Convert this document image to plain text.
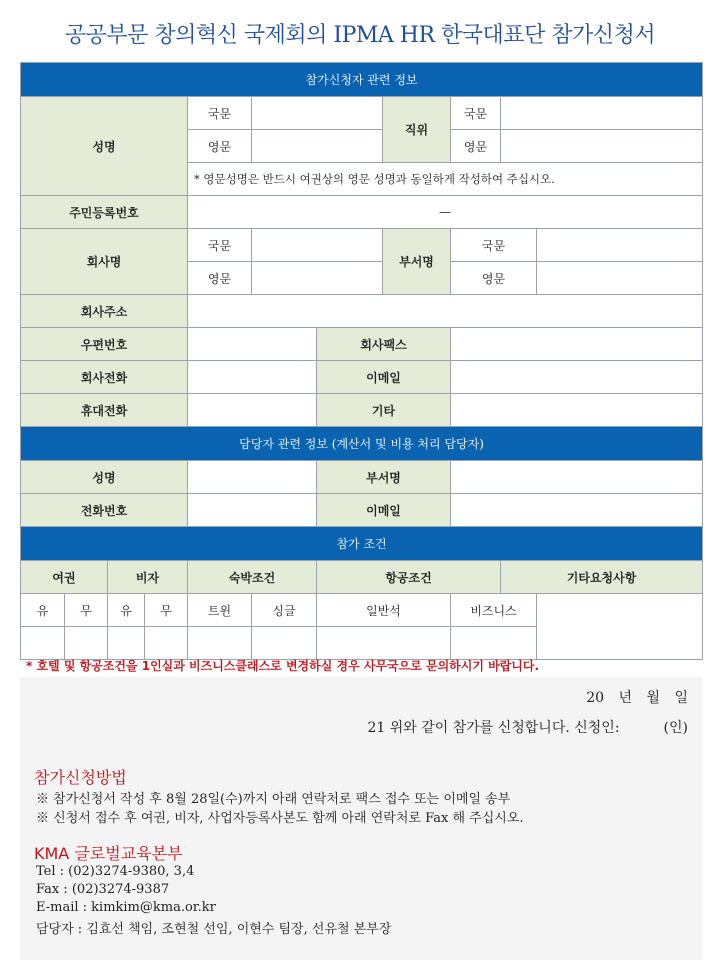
공공부문 창의혁신 국제회의 IPMA HR 한국대표단 참가신청서
참가신청자 관련 정보										
성명				국문			직위	국문		
				영문				영문		
				* 영문성명은 반드시 여권상의 영문 성명과 동일하게 작성하여 주십시오.						
주민등록번호				—						
회사명				국문			부서명	국문		
				영문				영문		
회사주소										
우편번호						회사팩스				
회사전화						이메일				
휴대전화						기타				
담당자 관련 정보 (계산서 및 비용 처리 담당자)										
성명						부서명				
전화번호						이메일				
참가 조건										
여권		비자		숙박조건		항공조건			기타요청사항	
유	무	유	무	트윈	싱글	일반석		비즈니스		

* 호텔 및 항공조건을 1인실과 비즈니스클래스로 변경하실 경우 사무국으로 문의하시기 바랍니다.
20 년 월 일
21 위와 같이 참가를 신청합니다. 신청인:	(인)
참가신청방법
※ 참가신청서 작성 후 8월 28일(수)까지 아래 연락처로 팩스 접수 또는 이메일 송부
※ 신청서 접수 후 여권, 비자, 사업자등록사본도 함께 아래 연락처로 Fax 해 주십시오.
KMA 글로벌교육본부
Tel : (02)3274-9380, 3,4
Fax : (02)3274-9387
E-mail : kimkim@kma.or.kr
담당자 : 김효선 책임, 조현철 선임, 이현수 팀장, 선유철 본부장
